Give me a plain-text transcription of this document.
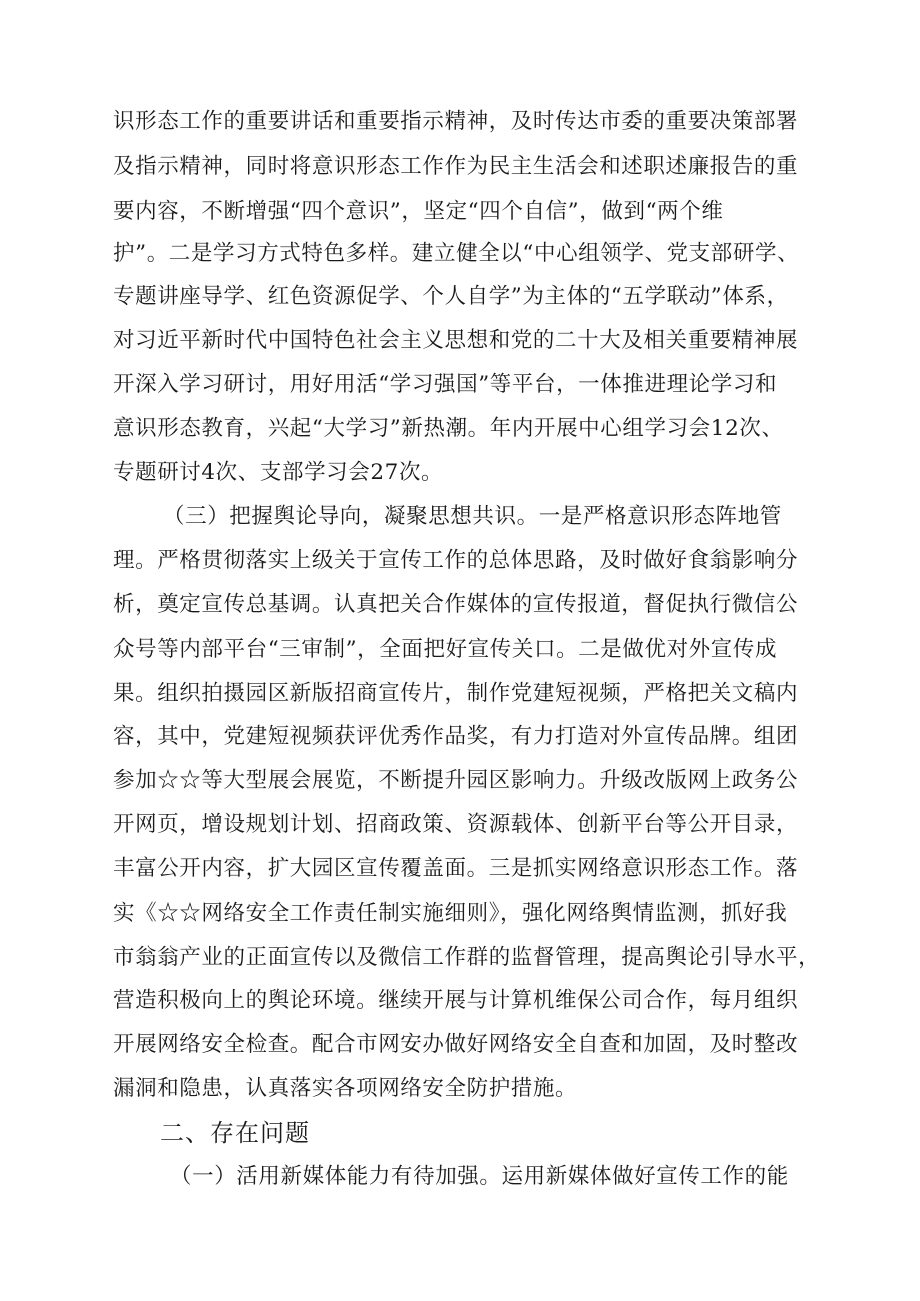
识形态工作的重要讲话和重要指示精神，及时传达市委的重要决策部署
及指示精神，同时将意识形态工作作为民主生活会和述职述廉报告的重
要内容，不断增强“四个意识”，坚定“四个自信”，做到“两个维
护”。二是学习方式特色多样。建立健全以“中心组领学、党支部研学、
专题讲座导学、红色资源促学、个人自学”为主体的“五学联动”体系，
对习近平新时代中国特色社会主义思想和党的二十大及相关重要精神展
开深入学习研讨，用好用活“学习强国”等平台，一体推进理论学习和
意识形态教育，兴起“大学习”新热潮。年内开展中心组学习会12次、
专题研讨4次、支部学习会27次。
（三）把握舆论导向，凝聚思想共识。一是严格意识形态阵地管
理。严格贯彻落实上级关于宣传工作的总体思路，及时做好食翁影响分
析，奠定宣传总基调。认真把关合作媒体的宣传报道，督促执行微信公
众号等内部平台“三审制”，全面把好宣传关口。二是做优对外宣传成
果。组织拍摄园区新版招商宣传片，制作党建短视频，严格把关文稿内
容，其中，党建短视频获评优秀作品奖，有力打造对外宣传品牌。组团
参加☆☆等大型展会展览，不断提升园区影响力。升级改版网上政务公
开网页，增设规划计划、招商政策、资源载体、创新平台等公开目录，
丰富公开内容，扩大园区宣传覆盖面。三是抓实网络意识形态工作。落
实《☆☆网络安全工作责任制实施细则》，强化网络舆情监测，抓好我
市翁翁产业的正面宣传以及微信工作群的监督管理，提高舆论引导水平，
营造积极向上的舆论环境。继续开展与计算机维保公司合作，每月组织
开展网络安全检查。配合市网安办做好网络安全自查和加固，及时整改
漏洞和隐患，认真落实各项网络安全防护措施。
二、存在问题
（一）活用新媒体能力有待加强。运用新媒体做好宣传工作的能
